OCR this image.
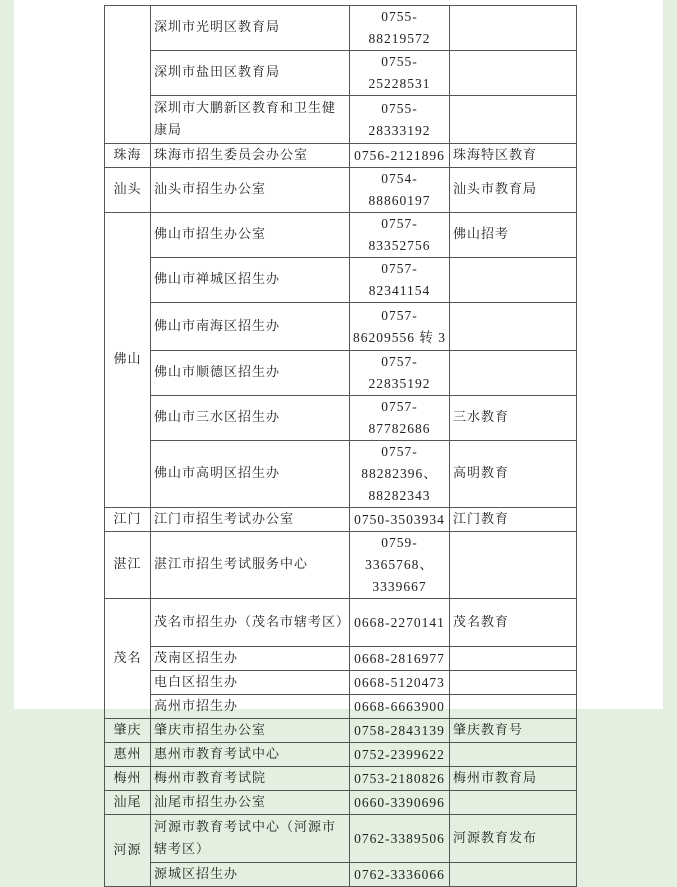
	深圳市光明区教育局	0755-88219572	
	深圳市盐田区教育局	0755-25228531	
	深圳市大鹏新区教育和卫生健康局	0755-28333192	
珠海	珠海市招生委员会办公室	0756-2121896	珠海特区教育
汕头	汕头市招生办公室	0754-88860197	汕头市教育局
佛山	佛山市招生办公室	0757-83352756	佛山招考
	佛山市禅城区招生办	0757-82341154	
	佛山市南海区招生办	0757-86209556 转 3	
	佛山市顺德区招生办	0757-22835192	
	佛山市三水区招生办	0757-87782686	三水教育
	佛山市高明区招生办	0757-88282396、88282343	高明教育
江门	江门市招生考试办公室	0750-3503934	江门教育
湛江	湛江市招生考试服务中心	0759-3365768、3339667	
茂名	茂名市招生办（茂名市辖考区）	0668-2270141	茂名教育
	茂南区招生办	0668-2816977	
	电白区招生办	0668-5120473	
	高州市招生办	0668-6663900	
肇庆	肇庆市招生办公室	0758-2843139	肇庆教育号
惠州	惠州市教育考试中心	0752-2399622	
梅州	梅州市教育考试院	0753-2180826	梅州市教育局
汕尾	汕尾市招生办公室	0660-3390696	
河源	河源市教育考试中心（河源市辖考区）	0762-3389506	河源教育发布
	源城区招生办	0762-3336066	
